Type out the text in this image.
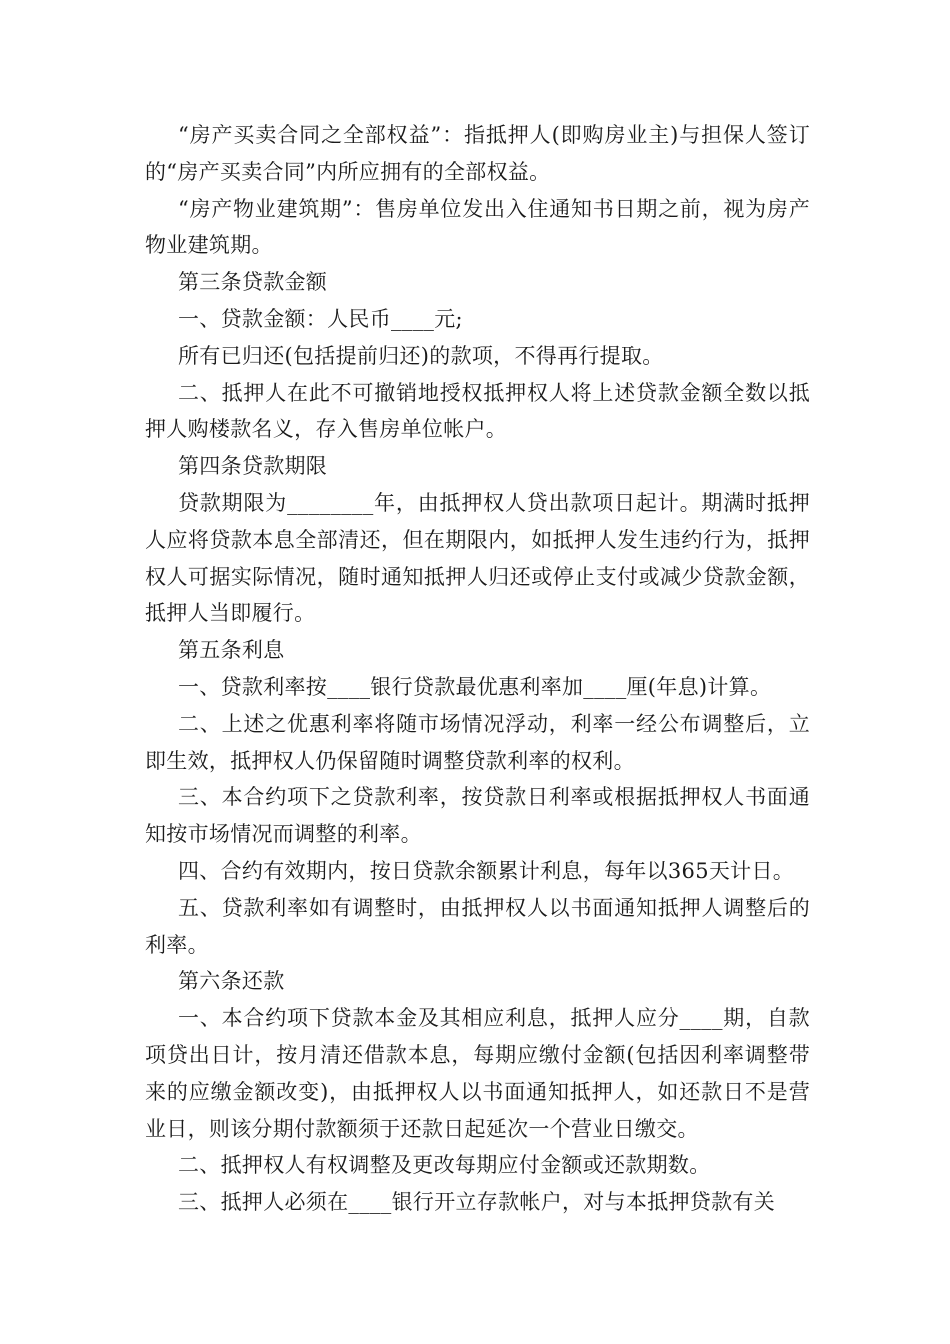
“房产买卖合同之全部权益”：指抵押人(即购房业主)与担保人签订的“房产买卖合同”内所应拥有的全部权益。

“房产物业建筑期”：售房单位发出入住通知书日期之前，视为房产物业建筑期。

第三条贷款金额

一、贷款金额：人民币____元;

所有已归还(包括提前归还)的款项，不得再行提取。

二、抵押人在此不可撤销地授权抵押权人将上述贷款金额全数以抵押人购楼款名义，存入售房单位帐户。

第四条贷款期限

贷款期限为________年，由抵押权人贷出款项日起计。期满时抵押人应将贷款本息全部清还，但在期限内，如抵押人发生违约行为，抵押权人可据实际情况，随时通知抵押人归还或停止支付或减少贷款金额，抵押人当即履行。

第五条利息

一、贷款利率按____银行贷款最优惠利率加____厘(年息)计算。

二、上述之优惠利率将随市场情况浮动，利率一经公布调整后，立即生效，抵押权人仍保留随时调整贷款利率的权利。

三、本合约项下之贷款利率，按贷款日利率或根据抵押权人书面通知按市场情况而调整的利率。

四、合约有效期内，按日贷款余额累计利息，每年以365天计日。

五、贷款利率如有调整时，由抵押权人以书面通知抵押人调整后的利率。

第六条还款

一、本合约项下贷款本金及其相应利息，抵押人应分____期，自款项贷出日计，按月清还借款本息，每期应缴付金额(包括因利率调整带来的应缴金额改变)，由抵押权人以书面通知抵押人，如还款日不是营业日，则该分期付款额须于还款日起延次一个营业日缴交。

二、抵押权人有权调整及更改每期应付金额或还款期数。

三、抵押人必须在____银行开立存款帐户，对与本抵押贷款有关
